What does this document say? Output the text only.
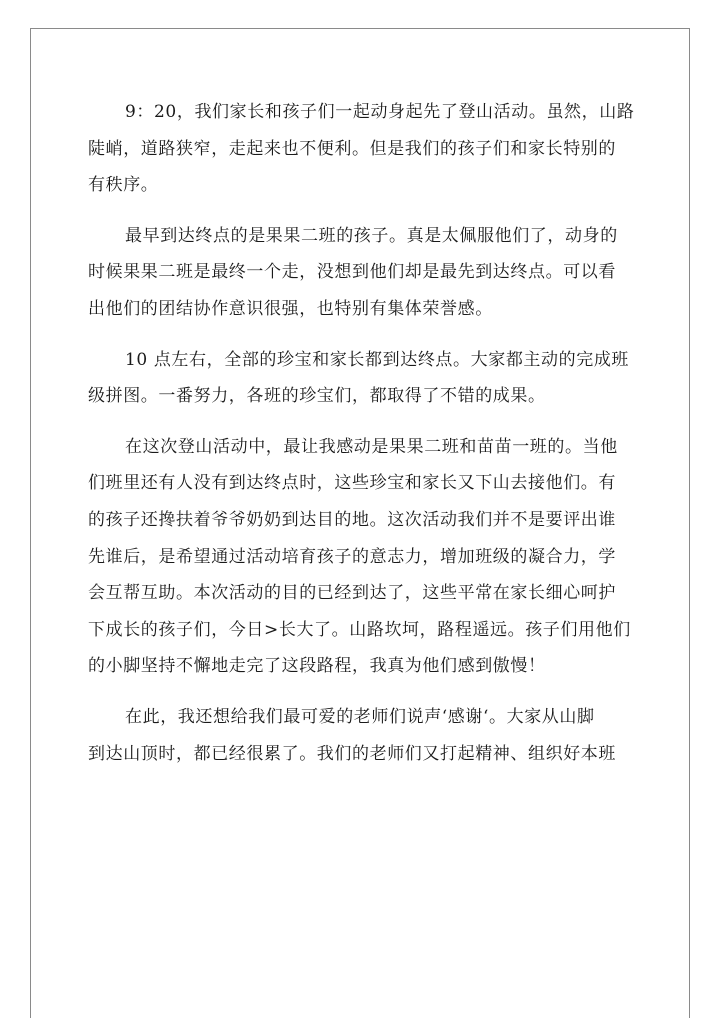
9：20，我们家长和孩子们一起动身起先了登山活动。虽然，山路
陡峭，道路狭窄，走起来也不便利。但是我们的孩子们和家长特别的
有秩序。
最早到达终点的是果果二班的孩子。真是太佩服他们了，动身的
时候果果二班是最终一个走，没想到他们却是最先到达终点。可以看
出他们的团结协作意识很强，也特别有集体荣誉感。
10 点左右，全部的珍宝和家长都到达终点。大家都主动的完成班
级拼图。一番努力，各班的珍宝们，都取得了不错的成果。
在这次登山活动中，最让我感动是果果二班和苗苗一班的。当他
们班里还有人没有到达终点时，这些珍宝和家长又下山去接他们。有
的孩子还搀扶着爷爷奶奶到达目的地。这次活动我们并不是要评出谁
先谁后，是希望通过活动培育孩子的意志力，增加班级的凝合力，学
会互帮互助。本次活动的目的已经到达了，这些平常在家长细心呵护
下成长的孩子们，今日>长大了。山路坎坷，路程遥远。孩子们用他们
的小脚坚持不懈地走完了这段路程，我真为他们感到傲慢！
在此，我还想给我们最可爱的老师们说声‘感谢‘。大家从山脚
到达山顶时，都已经很累了。我们的老师们又打起精神、组织好本班
